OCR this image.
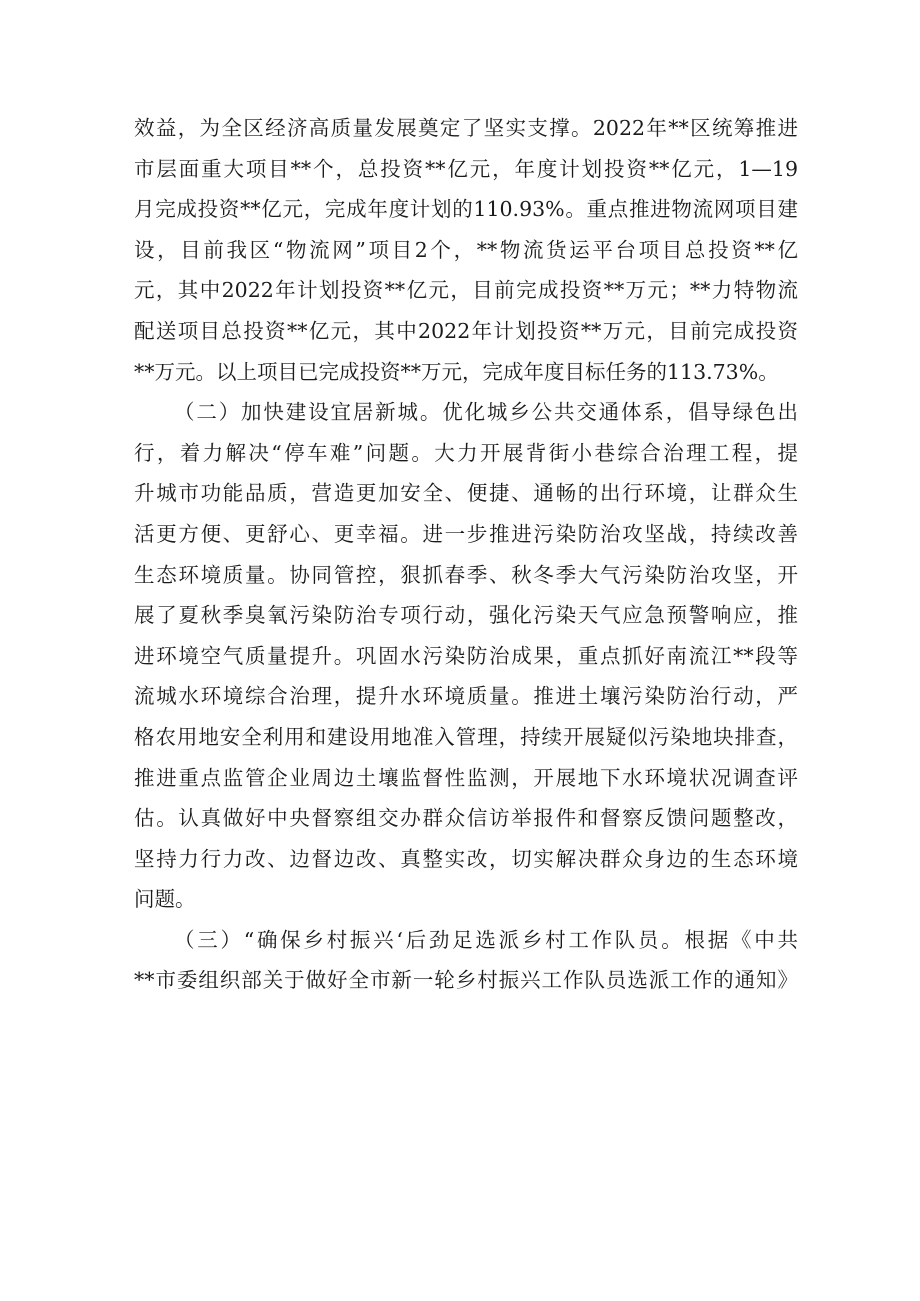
效益，为全区经济高质量发展奠定了坚实支撑。2022年**区统筹推进
市层面重大项目**个，总投资**亿元，年度计划投资**亿元，1—19
月完成投资**亿元，完成年度计划的110.93%。重点推进物流网项目建
设，目前我区“物流网”项目2个，**物流货运平台项目总投资**亿
元，其中2022年计划投资**亿元，目前完成投资**万元；**力特物流
配送项目总投资**亿元，其中2022年计划投资**万元，目前完成投资
**万元。以上项目已完成投资**万元，完成年度目标任务的113.73%。
（二）加快建设宜居新城。优化城乡公共交通体系，倡导绿色出
行，着力解决“停车难”问题。大力开展背街小巷综合治理工程，提
升城市功能品质，营造更加安全、便捷、通畅的出行环境，让群众生
活更方便、更舒心、更幸福。进一步推进污染防治攻坚战，持续改善
生态环境质量。协同管控，狠抓春季、秋冬季大气污染防治攻坚，开
展了夏秋季臭氧污染防治专项行动，强化污染天气应急预警响应，推
进环境空气质量提升。巩固水污染防治成果，重点抓好南流江**段等
流城水环境综合治理，提升水环境质量。推进土壤污染防治行动，严
格农用地安全利用和建设用地准入管理，持续开展疑似污染地块排查，
推进重点监管企业周边土壤监督性监测，开展地下水环境状况调查评
估。认真做好中央督察组交办群众信访举报件和督察反馈问题整改，
坚持力行力改、边督边改、真整实改，切实解决群众身边的生态环境
问题。
（三）“确保乡村振兴‘后劲足选派乡村工作队员。根据《中共
**市委组织部关于做好全市新一轮乡村振兴工作队员选派工作的通知》
